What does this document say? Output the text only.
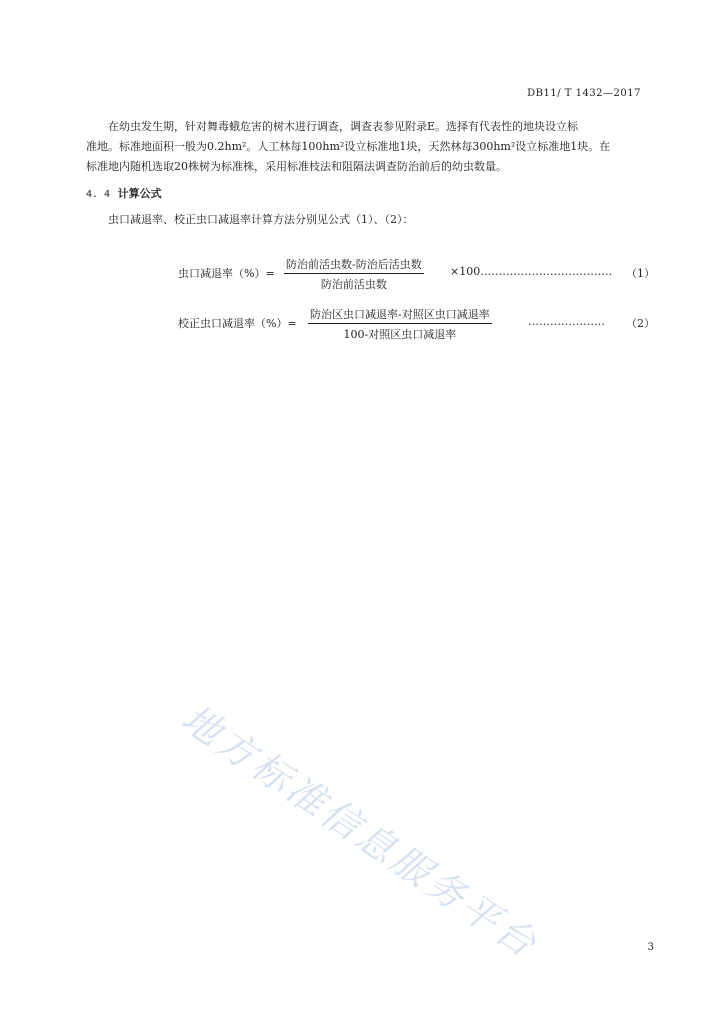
DB11/ T 1432—2017
在幼虫发生期，针对舞毒蛾危害的树木进行调查，调查表参见附录E。选择有代表性的地块设立标
准地。标准地面积一般为0.2hm²。人工林每100hm²设立标准地1块，天然林每300hm²设立标准地1块。在
标准地内随机选取20株树为标准株，采用标准枝法和阻隔法调查防治前后的幼虫数量。
4. 4 计算公式
虫口减退率、校正虫口减退率计算方法分别见公式（1）、（2）：
虫口减退率（%）=
防治前活虫数-防治后活虫数
防治前活虫数
×100……………………………… （1）
校正虫口减退率（%）=
防治区虫口减退率-对照区虫口减退率
100-对照区虫口减退率
………………… （2）
地方标准信息服务平台	3
